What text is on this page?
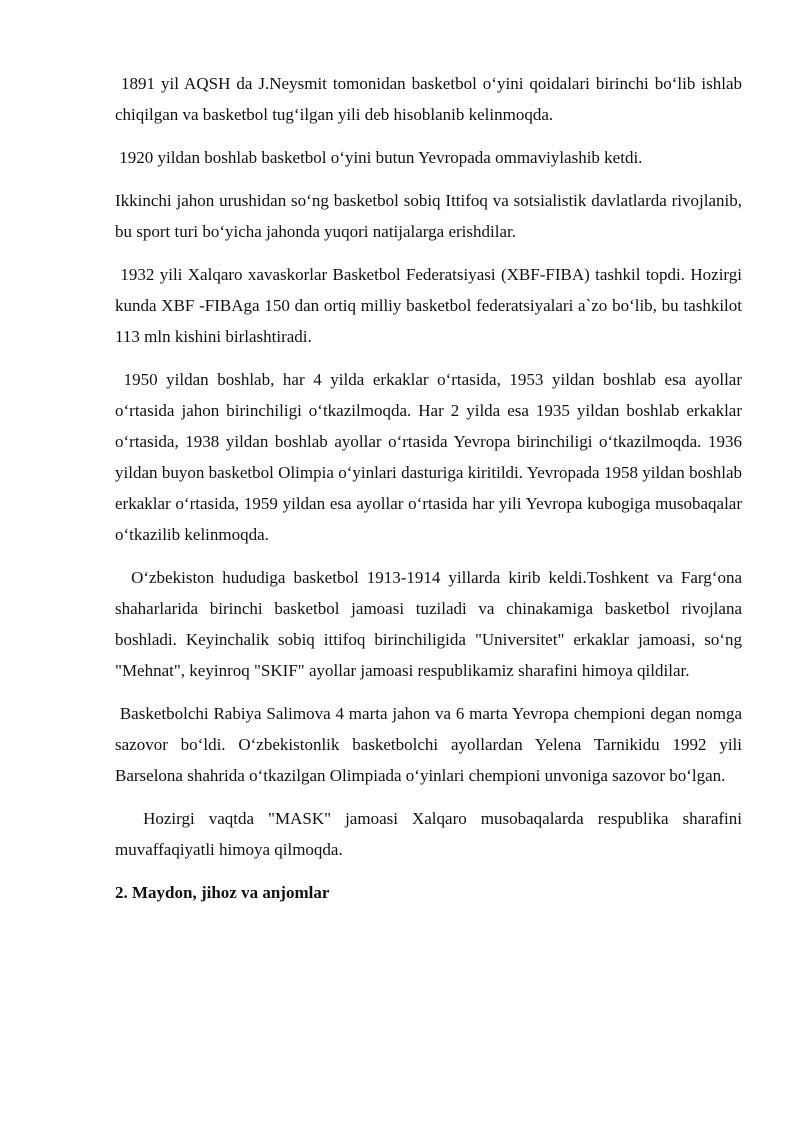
1891 yil AQSH da J.Neysmit tomonidan basketbol o‘yini qoidalari birinchi bo‘lib ishlab chiqilgan va basketbol tug‘ilgan yili deb hisoblanib kelinmoqda.

1920 yildan boshlab basketbol o‘yini butun Yevropada ommaviylashib ketdi.

Ikkinchi jahon urushidan so‘ng basketbol sobiq Ittifoq va sotsialistik davlatlarda rivojlanib, bu sport turi bo‘yicha jahonda yuqori natijalarga erishdilar.

1932 yili Xalqaro xavaskorlar Basketbol Federatsiyasi (XBF-FIBA) tashkil topdi. Hozirgi kunda XBF -FIBAga 150 dan ortiq milliy basketbol federatsiyalari a`zo bo‘lib, bu tashkilot 113 mln kishini birlashtiradi.

1950 yildan boshlab, har 4 yilda erkaklar o‘rtasida, 1953 yildan boshlab esa ayollar o‘rtasida jahon birinchiligi o‘tkazilmoqda. Har 2 yilda esa 1935 yildan boshlab erkaklar o‘rtasida, 1938 yildan boshlab ayollar o‘rtasida Yevropa birinchiligi o‘tkazilmoqda. 1936 yildan buyon basketbol Olimpia o‘yinlari dasturiga kiritildi. Yevropada 1958 yildan boshlab erkaklar o‘rtasida, 1959 yildan esa ayollar o‘rtasida har yili Yevropa kubogiga musobaqalar o‘tkazilib kelinmoqda.

O‘zbekiston hududiga basketbol 1913-1914 yillarda kirib keldi.Toshkent va Farg‘ona shaharlarida birinchi basketbol jamoasi tuziladi va chinakamiga basketbol rivojlana boshladi. Keyinchalik sobiq ittifoq birinchiligida "Universitet" erkaklar jamoasi, so‘ng "Mehnat", keyinroq "SKIF" ayollar jamoasi respublikamiz sharafini himoya qildilar.

Basketbolchi Rabiya Salimova 4 marta jahon va 6 marta Yevropa chempioni degan nomga sazovor bo‘ldi. O‘zbekistonlik basketbolchi ayollardan Yelena Tarnikidu 1992 yili Barselona shahrida o‘tkazilgan Olimpiada o‘yinlari chempioni unvoniga sazovor bo‘lgan.

Hozirgi vaqtda "MASK" jamoasi Xalqaro musobaqalarda respublika sharafini muvaffaqiyatli himoya qilmoqda.

2. Maydon, jihoz va anjomlar
